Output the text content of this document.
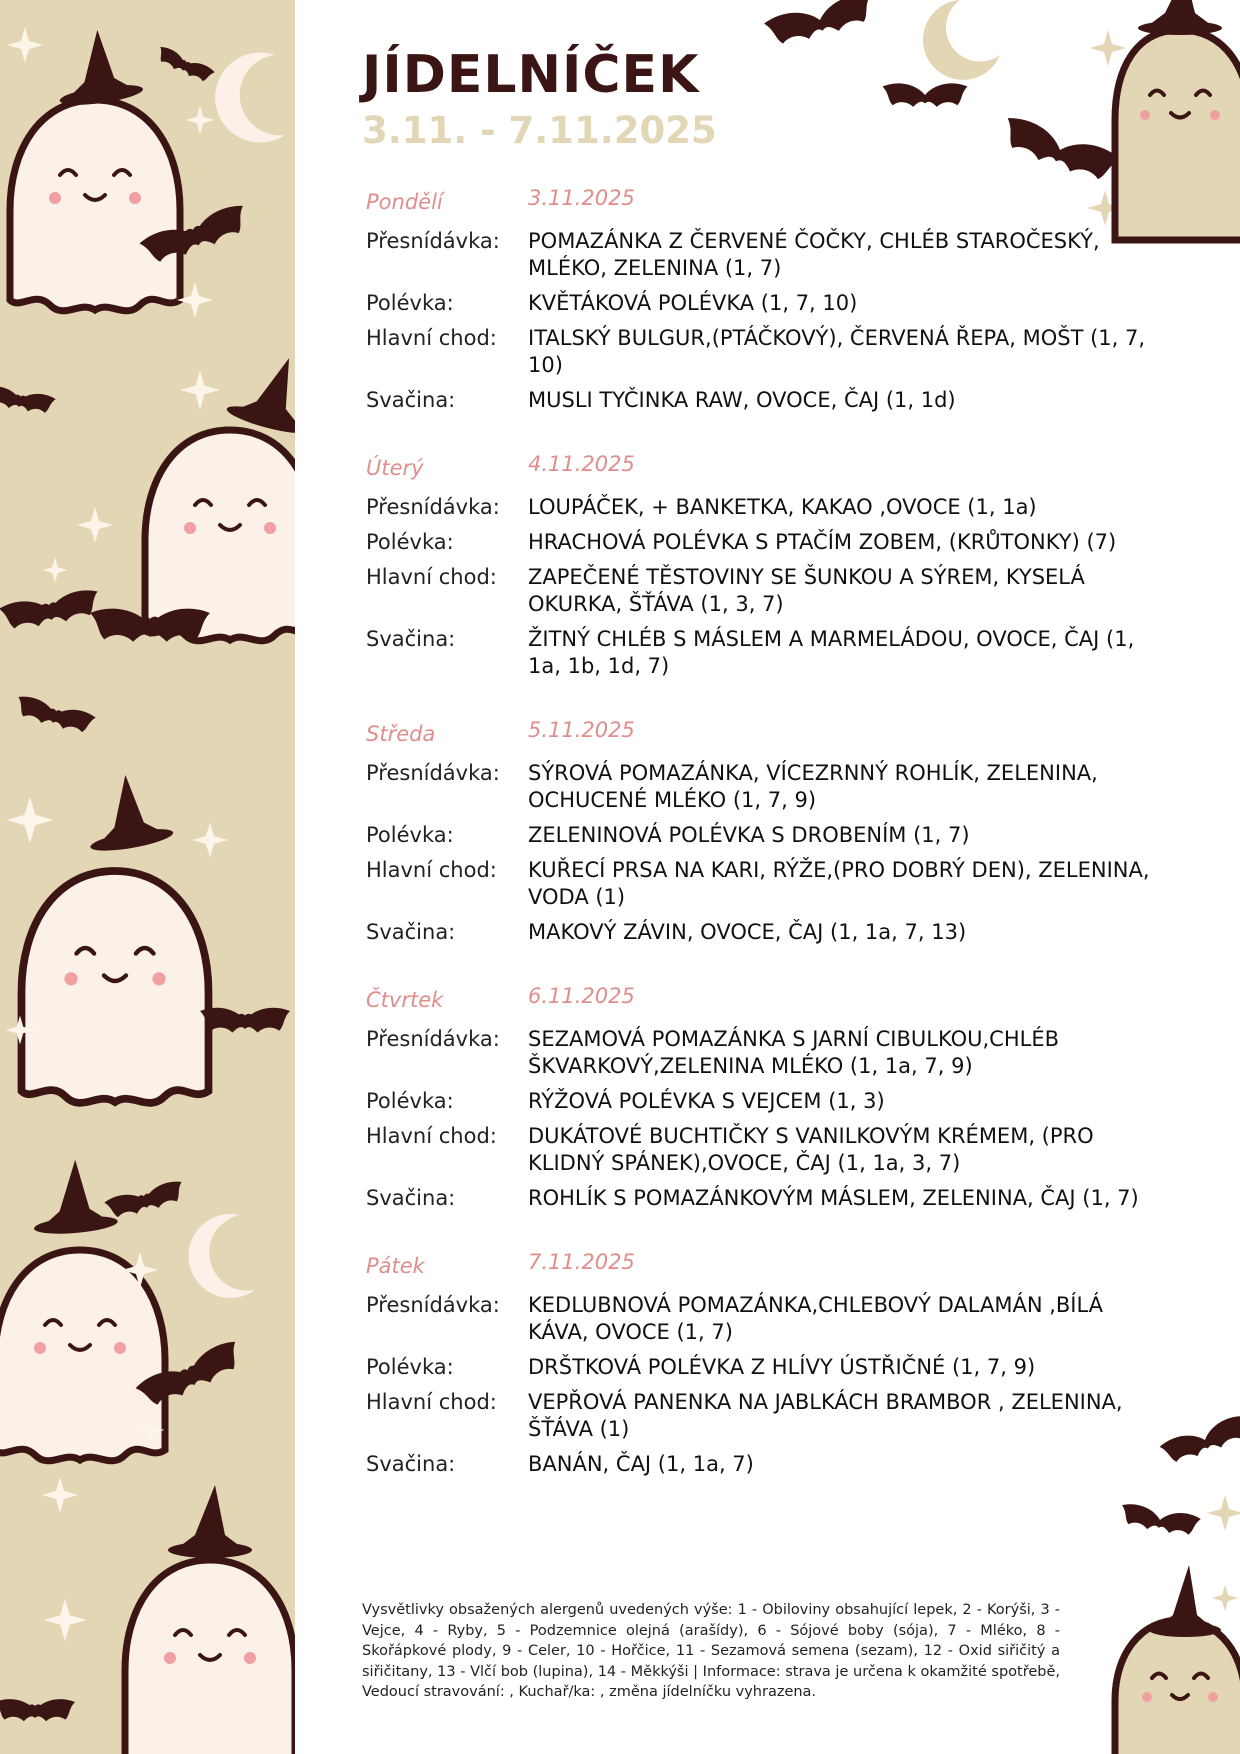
JÍDELNÍČEK
3.11. - 7.11.2025
Pondělí	3.11.2025
Přesnídávka:	POMAZÁNKA Z ČERVENÉ ČOČKY, CHLÉB STAROČESKÝ, MLÉKO, ZELENINA (1, 7)
Polévka:	KVĚTÁKOVÁ POLÉVKA (1, 7, 10)
Hlavní chod:	ITALSKÝ BULGUR,(PTÁČKOVÝ), ČERVENÁ ŘEPA, MOŠT (1, 7, 10)
Svačina:	MUSLI TYČINKA RAW, OVOCE, ČAJ (1, 1d)
Úterý	4.11.2025
Přesnídávka:	LOUPÁČEK, + BANKETKA, KAKAO ,OVOCE (1, 1a)
Polévka:	HRACHOVÁ POLÉVKA S PTAČÍM ZOBEM, (KRŮTONKY) (7)
Hlavní chod:	ZAPEČENÉ TĚSTOVINY SE ŠUNKOU A SÝREM, KYSELÁ OKURKA, ŠŤÁVA (1, 3, 7)
Svačina:	ŽITNÝ CHLÉB S MÁSLEM A MARMELÁDOU, OVOCE, ČAJ (1, 1a, 1b, 1d, 7)
Středa	5.11.2025
Přesnídávka:	SÝROVÁ POMAZÁNKA, VÍCEZRNNÝ ROHLÍK, ZELENINA, OCHUCENÉ MLÉKO (1, 7, 9)
Polévka:	ZELENINOVÁ POLÉVKA S DROBENÍM (1, 7)
Hlavní chod:	KUŘECÍ PRSA NA KARI, RÝŽE,(PRO DOBRÝ DEN), ZELENINA, VODA (1)
Svačina:	MAKOVÝ ZÁVIN, OVOCE, ČAJ (1, 1a, 7, 13)
Čtvrtek	6.11.2025
Přesnídávka:	SEZAMOVÁ POMAZÁNKA S JARNÍ CIBULKOU,CHLÉB ŠKVARKOVÝ,ZELENINA MLÉKO (1, 1a, 7, 9)
Polévka:	RÝŽOVÁ POLÉVKA S VEJCEM (1, 3)
Hlavní chod:	DUKÁTOVÉ BUCHTIČKY S VANILKOVÝM KRÉMEM, (PRO KLIDNÝ SPÁNEK),OVOCE, ČAJ (1, 1a, 3, 7)
Svačina:	ROHLÍK S POMAZÁNKOVÝM MÁSLEM, ZELENINA, ČAJ (1, 7)
Pátek	7.11.2025
Přesnídávka:	KEDLUBNOVÁ POMAZÁNKA,CHLEBOVÝ DALAMÁN ,BÍLÁ KÁVA, OVOCE (1, 7)
Polévka:	DRŠTKOVÁ POLÉVKA Z HLÍVY ÚSTŘIČNÉ (1, 7, 9)
Hlavní chod:	VEPŘOVÁ PANENKA NA JABLKÁCH BRAMBOR , ZELENINA, ŠŤÁVA (1)
Svačina:	BANÁN, ČAJ (1, 1a, 7)
Vysvětlivky obsažených alergenů uvedených výše: 1 - Obiloviny obsahující lepek, 2 - Korýši, 3 - Vejce, 4 - Ryby, 5 - Podzemnice olejná (arašídy), 6 - Sójové boby (sója), 7 - Mléko, 8 - Skořápkové plody, 9 - Celer, 10 - Hořčice, 11 - Sezamová semena (sezam), 12 - Oxid siřičitý a siřičitany, 13 - Vlčí bob (lupina), 14 - Měkkýši | Informace: strava je určena k okamžité spotřebě, Vedoucí stravování: , Kuchař/ka: , změna jídelníčku vyhrazena.
